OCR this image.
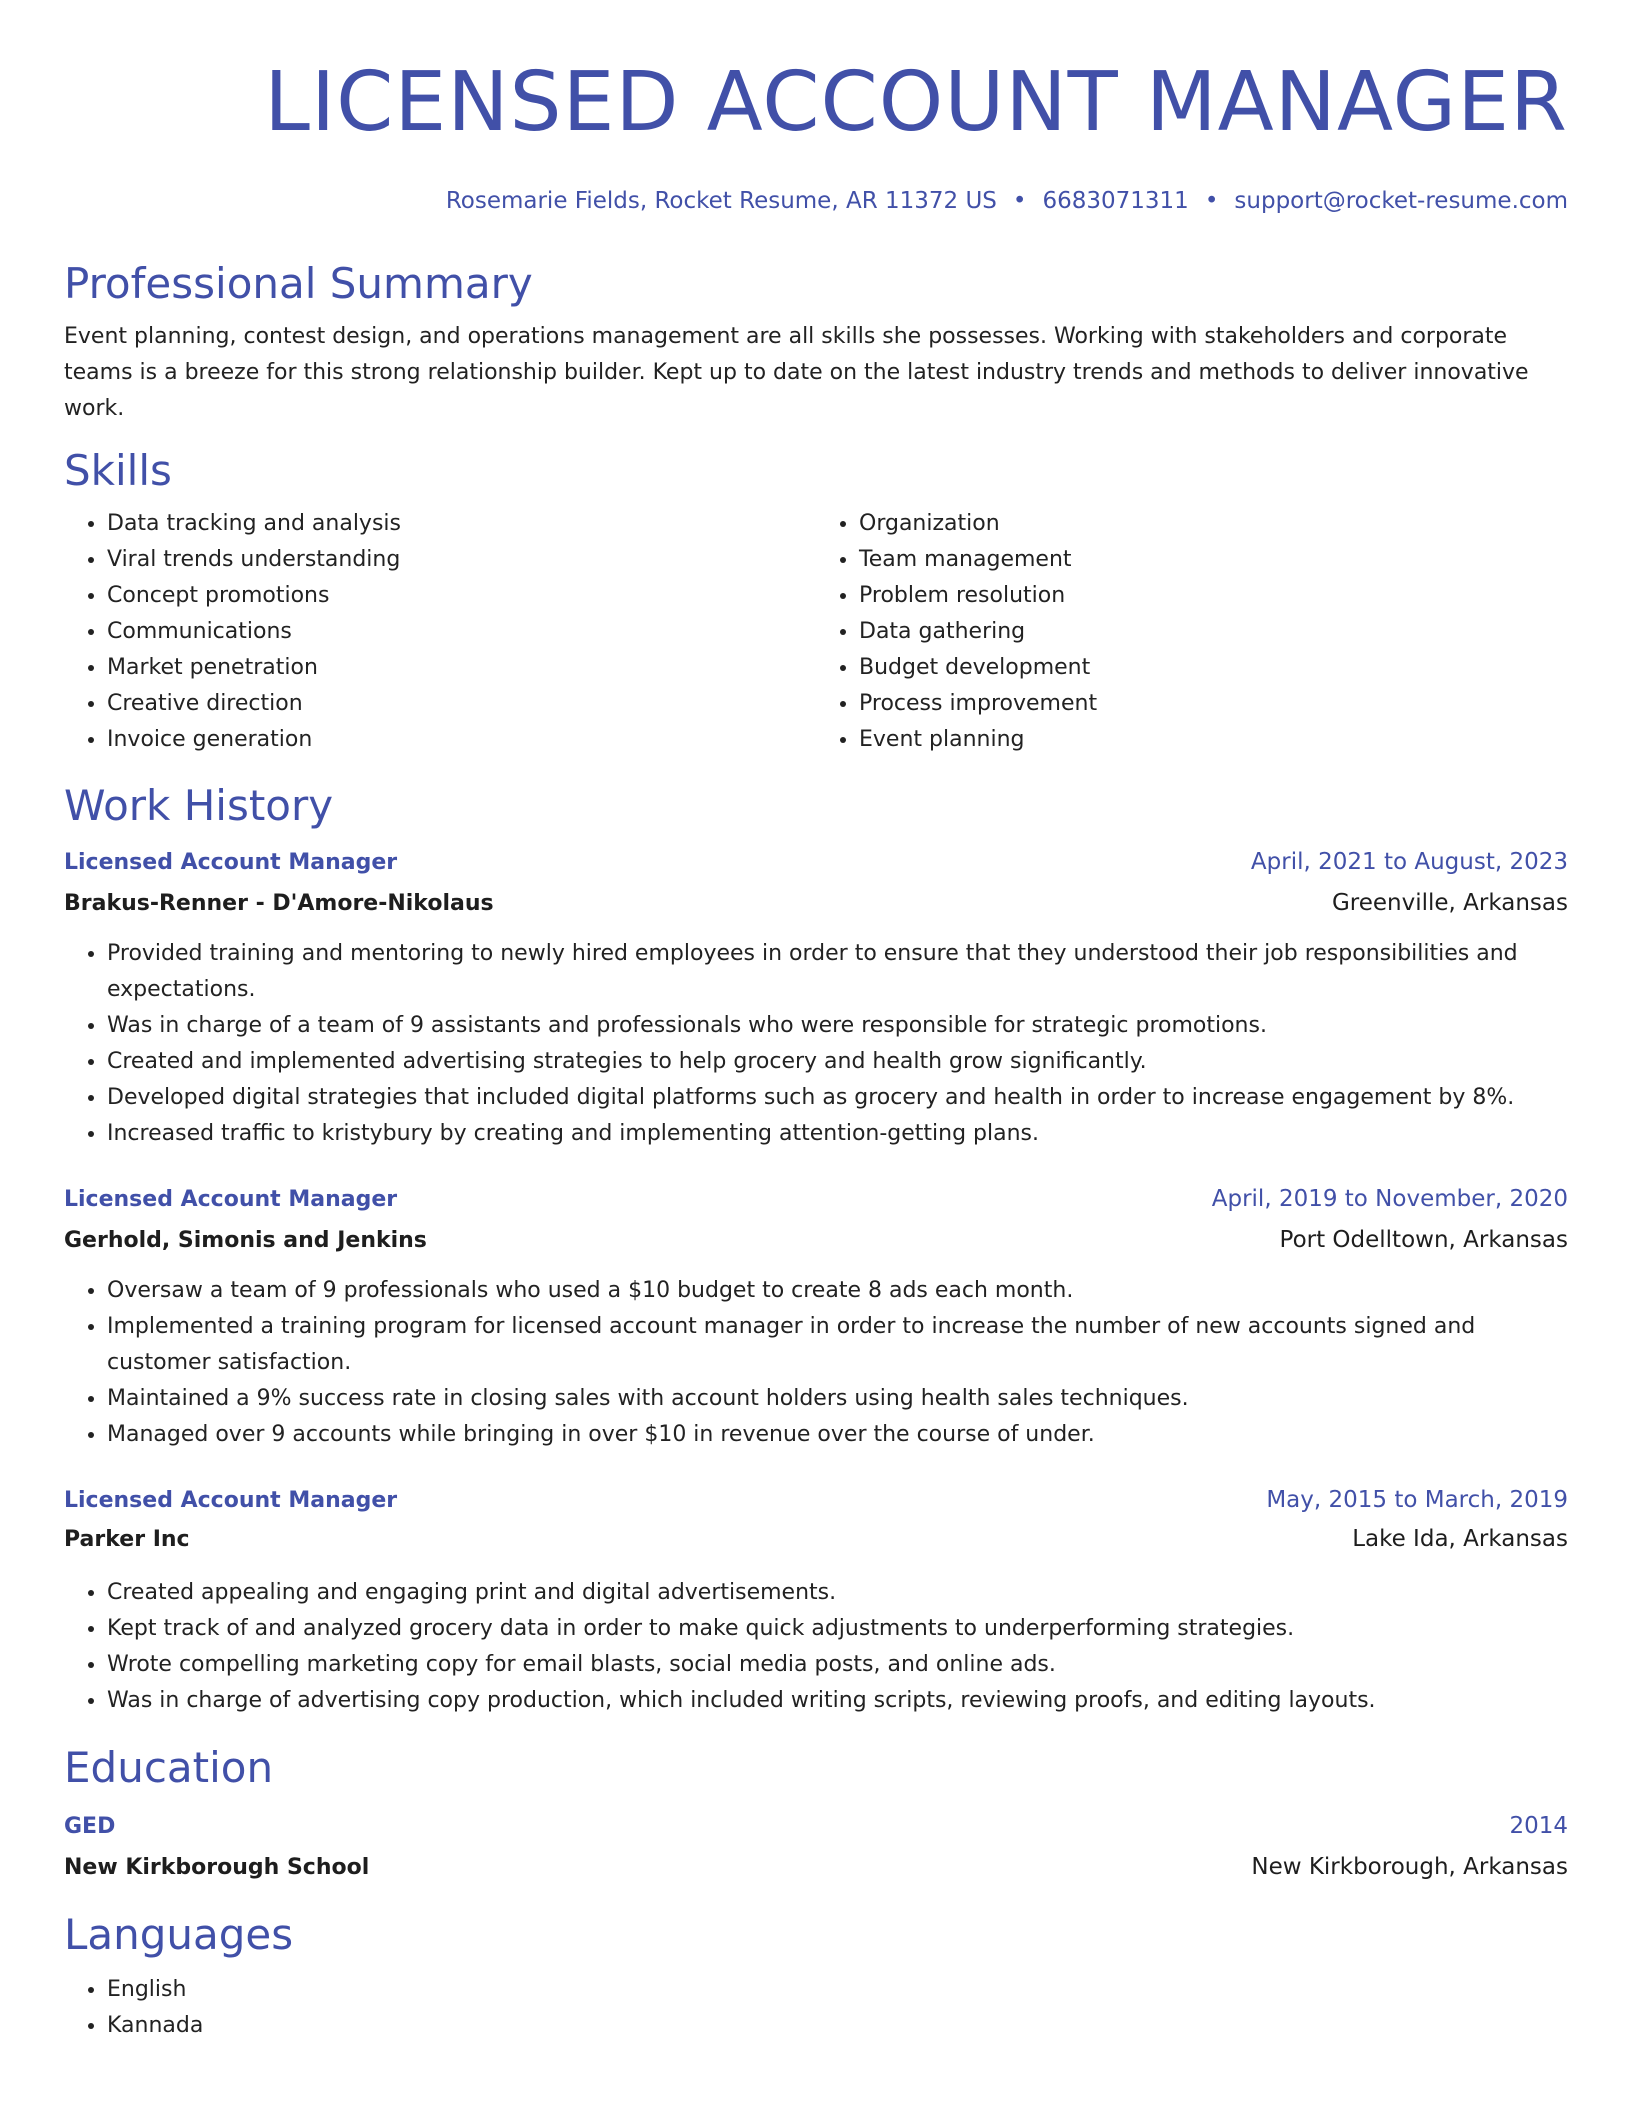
LICENSED ACCOUNT MANAGER
Rosemarie Fields, Rocket Resume, AR 11372 US • 6683071311 • support@rocket-resume.com
Professional Summary

Event planning, contest design, and operations management are all skills she possesses. Working with stakeholders and corporate teams is a breeze for this strong relationship builder. Kept up to date on the latest industry trends and methods to deliver innovative work.

Skills
• Data tracking and analysis
• Viral trends understanding
• Concept promotions
• Communications
• Market penetration
• Creative direction
• Invoice generation
• Organization
• Team management
• Problem resolution
• Data gathering
• Budget development
• Process improvement
• Event planning
Work History
Licensed Account Manager	April, 2021 to August, 2023
Brakus-Renner - D'Amore-Nikolaus	Greenville, Arkansas
• Provided training and mentoring to newly hired employees in order to ensure that they understood their job responsibilities and expectations.
• Was in charge of a team of 9 assistants and professionals who were responsible for strategic promotions.
• Created and implemented advertising strategies to help grocery and health grow significantly.
• Developed digital strategies that included digital platforms such as grocery and health in order to increase engagement by 8%.
• Increased traffic to kristybury by creating and implementing attention-getting plans.
Licensed Account Manager	April, 2019 to November, 2020
Gerhold, Simonis and Jenkins	Port Odelltown, Arkansas
• Oversaw a team of 9 professionals who used a $10 budget to create 8 ads each month.
• Implemented a training program for licensed account manager in order to increase the number of new accounts signed and customer satisfaction.
• Maintained a 9% success rate in closing sales with account holders using health sales techniques.
• Managed over 9 accounts while bringing in over $10 in revenue over the course of under.
Licensed Account Manager	May, 2015 to March, 2019
Parker Inc	Lake Ida, Arkansas
• Created appealing and engaging print and digital advertisements.
• Kept track of and analyzed grocery data in order to make quick adjustments to underperforming strategies.
• Wrote compelling marketing copy for email blasts, social media posts, and online ads.
• Was in charge of advertising copy production, which included writing scripts, reviewing proofs, and editing layouts.
Education
GED	2014
New Kirkborough School	New Kirkborough, Arkansas
Languages
• English
• Kannada
